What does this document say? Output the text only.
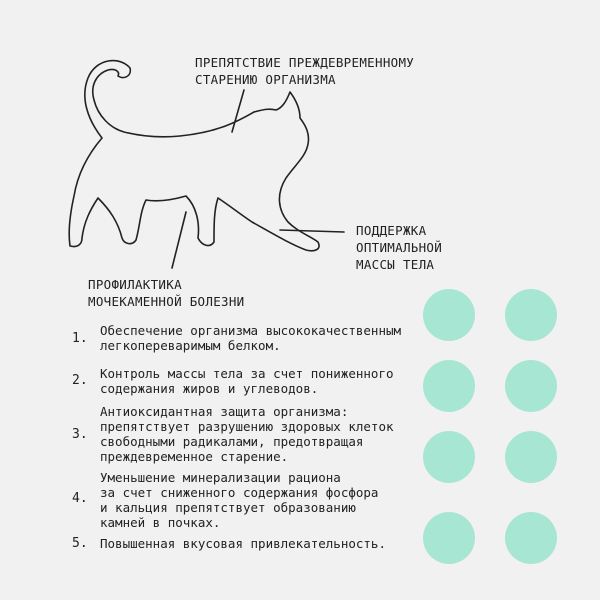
ПРЕПЯТСТВИЕ ПРЕЖДЕВРЕМЕННОМУ
СТАРЕНИЮ ОРГАНИЗМА
ПОДДЕРЖКА
ОПТИМАЛЬНОЙ
МАССЫ ТЕЛА
ПРОФИЛАКТИКА
МОЧЕКАМЕННОЙ БОЛЕЗНИ
1.
Обеспечение организма высококачественным
легкопереваримым белком.
2. Контроль массы тела за счет пониженного
содержания жиров и углеводов.
3.
Антиоксидантная защита организма:
препятствует разрушению здоровых клеток
свободными радикалами, предотвращая
преждевременное старение.
4.
Уменьшение минерализации рациона
за счет сниженного содержания фосфора
и кальция препятствует образованию
камней в почках.
5. Повышенная вкусовая привлекательность.
